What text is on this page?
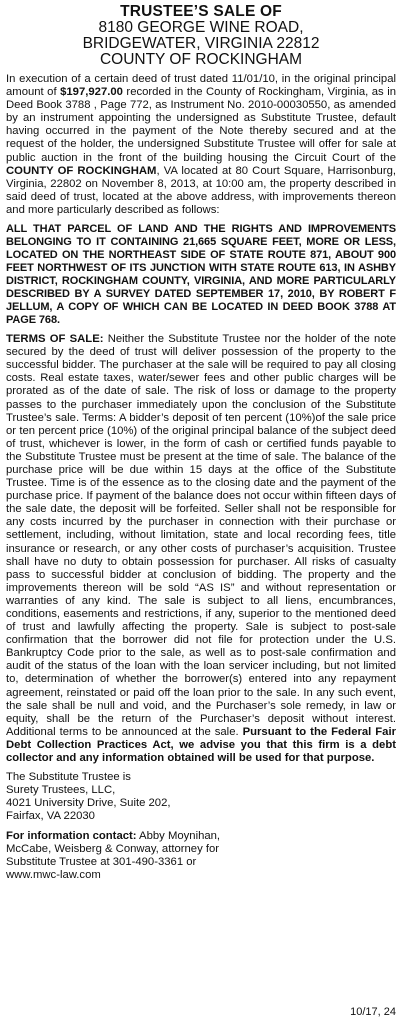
TRUSTEE’S SALE OF
8180 GEORGE WINE ROAD,
BRIDGEWATER, VIRGINIA 22812
COUNTY OF ROCKINGHAM

In execution of a certain deed of trust dated 11/01/10, in the original principal amount of $197,927.00 recorded in the County of Rockingham, Virginia, as in Deed Book 3788 , Page 772, as Instrument No. 2010-00030550, as amended by an instrument appointing the undersigned as Substitute Trustee, default having occurred in the payment of the Note thereby secured and at the request of the holder, the undersigned Substitute Trustee will offer for sale at public auction in the front of the building housing the Circuit Court of the COUNTY OF ROCKINGHAM, VA located at 80 Court Square, Harrisonburg, Virginia, 22802 on November 8, 2013, at 10:00 am, the property described in said deed of trust, located at the above address, with improvements thereon and more particularly described as follows:

ALL THAT PARCEL OF LAND AND THE RIGHTS AND IMPROVEMENTS BELONGING TO IT CONTAINING 21,665 SQUARE FEET, MORE OR LESS, LOCATED ON THE NORTHEAST SIDE OF STATE ROUTE 871, ABOUT 900 FEET NORTHWEST OF ITS JUNCTION WITH STATE ROUTE 613, IN ASHBY DISTRICT, ROCKINGHAM COUNTY, VIRGINIA, AND MORE PARTICULARLY DESCRIBED BY A SURVEY DATED SEPTEMBER 17, 2010, BY ROBERT F JELLUM, A COPY OF WHICH CAN BE LOCATED IN DEED BOOK 3788 AT PAGE 768.

TERMS OF SALE: Neither the Substitute Trustee nor the holder of the note secured by the deed of trust will deliver possession of the property to the successful bidder. The purchaser at the sale will be required to pay all closing costs. Real estate taxes, water/sewer fees and other public charges will be prorated as of the date of sale. The risk of loss or damage to the property passes to the purchaser immediately upon the conclusion of the Substitute Trustee’s sale. Terms: A bidder’s deposit of ten percent (10%)of the sale price or ten percent price (10%) of the original principal balance of the subject deed of trust, whichever is lower, in the form of cash or certified funds payable to the Substitute Trustee must be present at the time of sale. The balance of the purchase price will be due within 15 days at the office of the Substitute Trustee. Time is of the essence as to the closing date and the payment of the purchase price. If payment of the balance does not occur within fifteen days of the sale date, the deposit will be forfeited. Seller shall not be responsible for any costs incurred by the purchaser in connection with their purchase or settlement, including, without limitation, state and local recording fees, title insurance or research, or any other costs of purchaser’s acquisition. Trustee shall have no duty to obtain possession for purchaser. All risks of casualty pass to successful bidder at conclusion of bidding. The property and the improvements thereon will be sold “AS IS” and without representation or warranties of any kind. The sale is subject to all liens, encumbrances, conditions, easements and restrictions, if any, superior to the mentioned deed of trust and lawfully affecting the property. Sale is subject to post-sale confirmation that the borrower did not file for protection under the U.S. Bankruptcy Code prior to the sale, as well as to post-sale confirmation and audit of the status of the loan with the loan servicer including, but not limited to, determination of whether the borrower(s) entered into any repayment agreement, reinstated or paid off the loan prior to the sale. In any such event, the sale shall be null and void, and the Purchaser’s sole remedy, in law or equity, shall be the return of the Purchaser’s deposit without interest. Additional terms to be announced at the sale. Pursuant to the Federal Fair Debt Collection Practices Act, we advise you that this firm is a debt collector and any information obtained will be used for that purpose.

The Substitute Trustee is
Surety Trustees, LLC,
4021 University Drive, Suite 202,
Fairfax, VA 22030
For information contact: Abby Moynihan,
McCabe, Weisberg & Conway, attorney for
Substitute Trustee at 301-490-3361 or
www.mwc-law.com
10/17, 24
